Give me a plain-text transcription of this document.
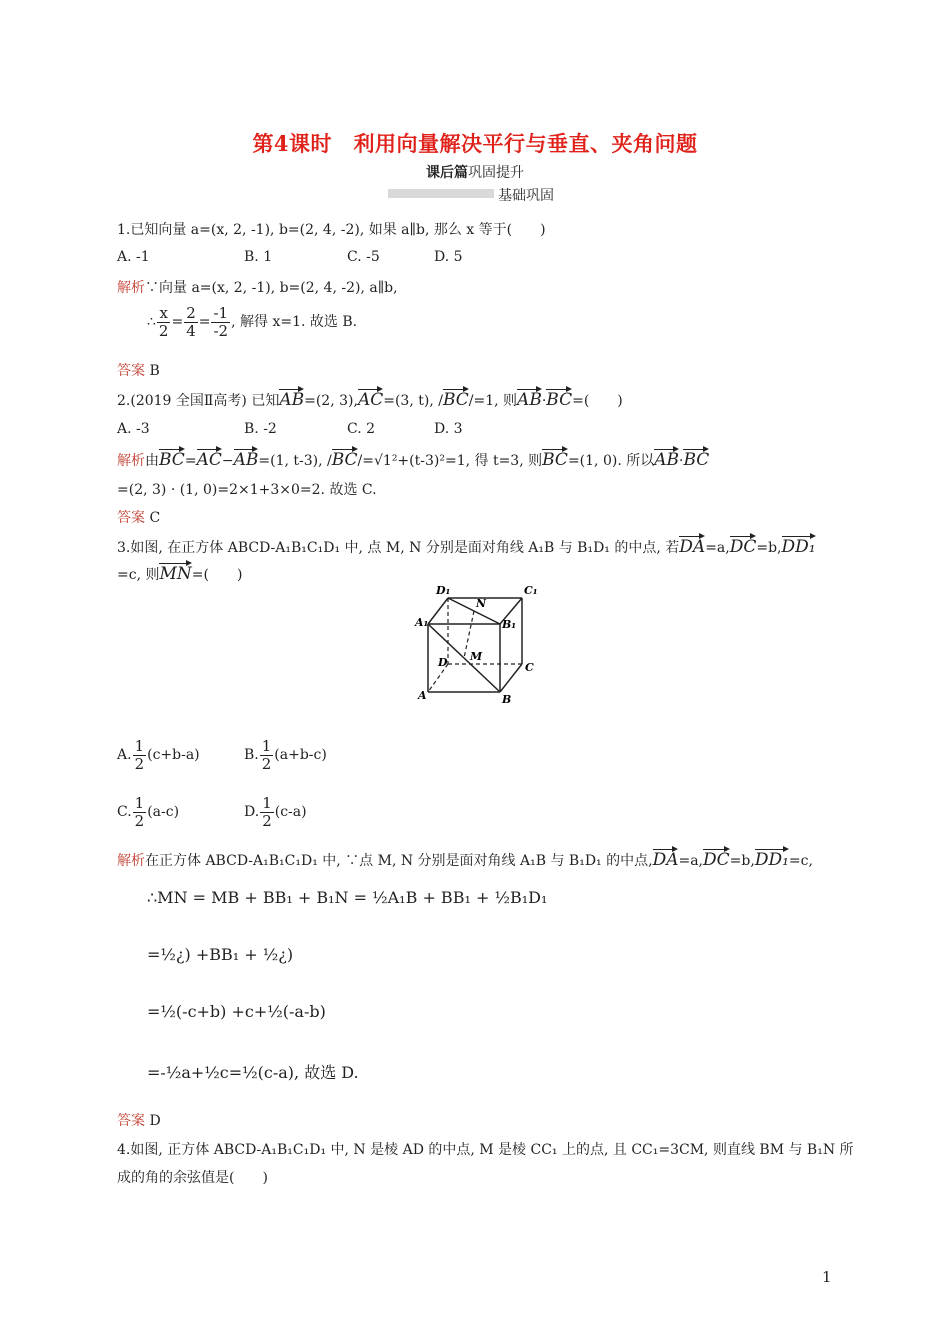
第4课时　利用向量解决平行与垂直、夹角问题
课后篇巩固提升
基础巩固
1.已知向量 a=(x, 2, -1), b=(2, 4, -2), 如果 a∥b, 那么 x 等于(　　)
A. -1	B. 1	C. -5	D. 5
解析∵向量 a=(x, 2, -1), b=(2, 4, -2), a∥b,
∴ $\frac{x}{2} = \frac{2}{4} = \frac{-1}{-2}$ , 解得 x=1. 故选 B.
答案 B
2.(2019 全国Ⅱ高考) 已知AB=(2, 3),AC=(3, t), /BC/=1, 则AB·BC=(　　)
A. -3	B. -2	C. 2	D. 3
解析由BC=AC−AB=(1, t-3), /BC/=√1²+(t-3)²=1, 得 t=3, 则BC=(1, 0). 所以AB·BC
=(2, 3) · (1, 0)=2×1+3×0=2. 故选 C.
答案 C
3.如图, 在正方体 ABCD-A₁B₁C₁D₁ 中, 点 M, N 分别是面对角线 A₁B 与 B₁D₁ 的中点, 若DA=a,DC=b,DD₁
=c, 则MN=(　　)
D₁
N
C₁
A₁	B₁
D M
C
A	B
A. $\frac{1}{2} (c+b-a)$	B. $\frac{1}{2} (a+b-c)$
C. $\frac{1}{2} (a-c)$	D. $\frac{1}{2} (c-a)$
解析在正方体 ABCD-A₁B₁C₁D₁ 中, ∵点 M, N 分别是面对角线 A₁B 与 B₁D₁ 的中点,DA=a,DC=b,DD₁=c,
∴MN = MB + BB₁ + B₁N = ½A₁B + BB₁ + ½B₁D₁
=½¿) +BB₁ + ½¿)
=½(-c+b) +c+½(-a-b)
=-½a+½c=½(c-a), 故选 D.
答案 D
4.如图, 正方体 ABCD-A₁B₁C₁D₁ 中, N 是棱 AD 的中点, M 是棱 CC₁ 上的点, 且 CC₁=3CM, 则直线 BM 与 B₁N 所
成的角的余弦值是(　　)
1
